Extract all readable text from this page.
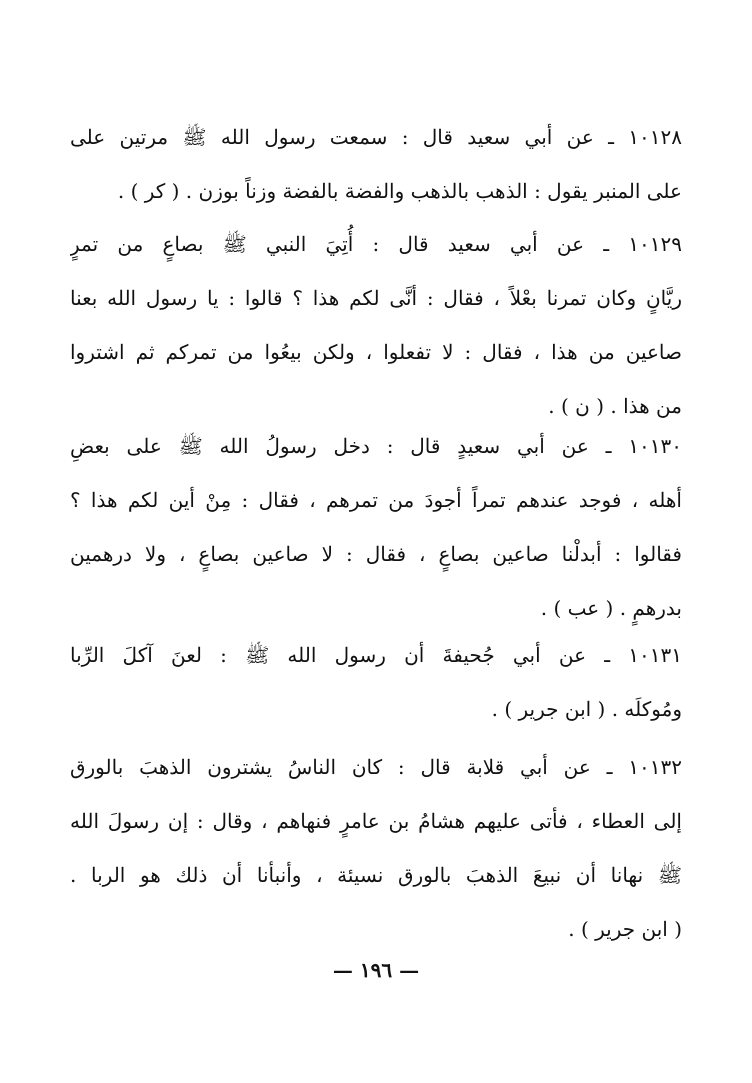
١٠١٢٨ ـ عن أبي سعيد قال : سمعت رسول الله ﷺ مرتين على
على المنبر يقول : الذهب بالذهب والفضة بالفضة وزناً بوزن . ( كر ) .
١٠١٢٩ ـ عن أبي سعيد قال : أُتِيَ النبي ﷺ بصاعٍ من تمرٍ
ريَّانٍ وكان تمرنا بعْلاً ، فقال : أنَّى لكم هذا ؟ قالوا : يا رسول الله بعنا
صاعين من هذا ، فقال : لا تفعلوا ، ولكن بيعُوا من تمركم ثم اشتروا
من هذا . ( ن ) .
١٠١٣٠ ـ عن أبي سعيدٍ قال : دخل رسولُ الله ﷺ على بعضِ
أهله ، فوجد عندهم تمراً أجودَ من تمرهم ، فقال : مِنْ أين لكم هذا ؟
فقالوا : أبدلْنا صاعين بصاعٍ ، فقال : لا صاعين بصاعٍ ، ولا درهمين
بدرهمٍ . ( عب ) .
١٠١٣١ ـ عن أبي جُحيفةَ أن رسول الله ﷺ : لعنَ آكلَ الرِّبا
ومُوكلَه . ( ابن جرير ) .
١٠١٣٢ ـ عن أبي قلابة قال : كان الناسُ يشترون الذهبَ بالورق
إلى العطاء ، فأتى عليهم هشامُ بن عامرٍ فنهاهم ، وقال : إن رسولَ الله
ﷺ نهانا أن نبيعَ الذهبَ بالورق نسيئة ، وأنبأنا أن ذلك هو الربا .
( ابن جرير ) .
— ١٩٦ —
